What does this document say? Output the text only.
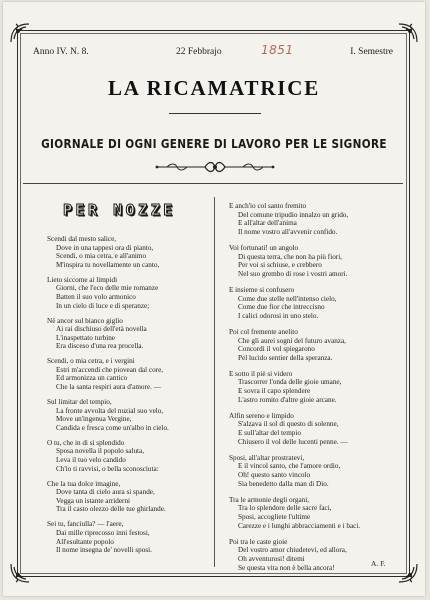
Anno IV. N. 8.	22 Febbrajo	1851	I. Semestre
LA RICAMATRICE
GIORNALE DI OGNI GENERE DI LAVORO PER LE SIGNORE
PER NOZZE
Scendi dal mesto salice,
Dove in una tappesi ora di pianto,
Scendi, o mia cetra, e all'animo
M'inspira tu novellamente un canto,
Lieto siccome ai limpidi
Giorni, che l'eco delle mie romanze
Batten il suo volo armonico
In un cielo di luce e di speranze;
Nè ancor sul bianco giglio
Ai rai dischiuso dell'età novella
L'inaspettato turbine
Era disceso d'una rea procella.
Scendi, o mia cetra, e i vergini
Estri m'accendi che piovean dal core,
Ed armonizza un cantico
Che la santa respiri aura d'amore. —
Sul limitar del tempio,
La fronte avvolta del nuzial suo velo,
Move un'ingenua Vergine,
Candida e fresca come un'albo in cielo.
O tu, che in di sì splendido
Sposa novella il popolo saluta,
Leva il tuo velo candido
Ch'io ti ravvisi, o bella sconosciuta:
Che la tua dolce imagine,
Dove tanta di cielo aura si spande,
Vegga un istante arriderni
Tra il casto olezzo delle tue ghirlande.
Sei tu, fanciulla? — l'aere,
Dai mille riprecosso inni festosi,
All'esultante popolo
Il nome insegna de' novelli sposi.
E anch'io col santo fremito
Del comune tripudio innalzo un grido,
E all'altar dell'anima
Il nome vostro all'avvenir confido.
Voi fortunati! un angolo
Di questa terra, che non ha più fiori,
Per voi si schiuse, e crebbero
Nel suo grembo di rose i vostri amori.
E insieme si confusero
Come due stelle nell'intenso cielo,
Come due fior che intreccisno
I calici odorosi in uno stelo.
Poi col fremente anelito
Che gli aurei sogni del futuro avanza,
Concordi il vol spiegarono
Pel lucido sentier della speranza.
E sotto il piè si videro
Trascorrer l'onda delle gioie umane,
E sovra il capo splendere
L'astro romito d'altre gioie arcane.
Alfin sereno e limpido
S'alzava il sol di questo di solenne,
E sull'altar del tempio
Chiusero il vol delle lucenti penne. —
Sposi, all'altar prostratevi,
E il vincol santo, che l'amore ordio,
Oh! questo santo vincolo
Sia benedetto dalla man di Dio.
Tra le armonie degli organi,
Tra lo splendore delle sacre faci,
Sposi, accogliete l'ultime
Carezze e i lunghi abbracciamenti e i baci.
Poi tra le caste gioie
Del vostro amor chiudetevi, ed allora,
Oh avventurosi! ditemi
Se questa vita non è bella ancora!	A. F.
